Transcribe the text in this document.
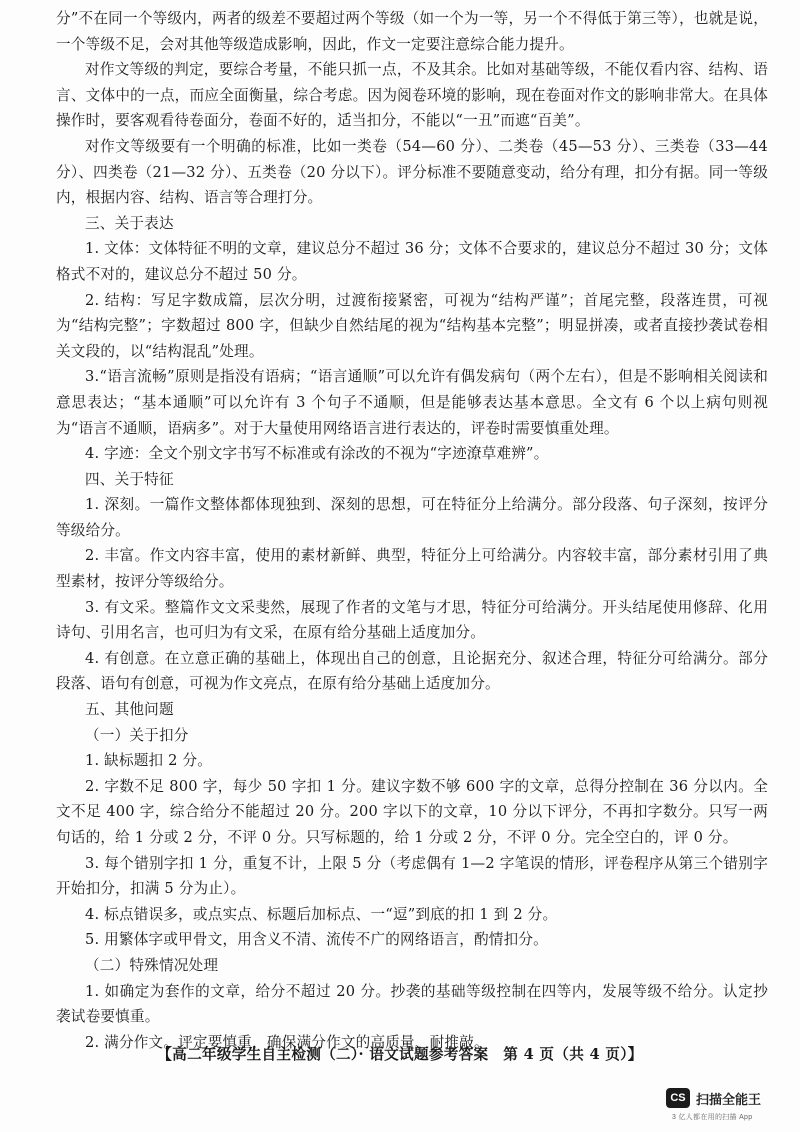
分”不在同一个等级内，两者的级差不要超过两个等级（如一个为一等，另一个不得低于第三等），也就是说，一个等级不足，会对其他等级造成影响，因此，作文一定要注意综合能力提升。

对作文等级的判定，要综合考量，不能只抓一点，不及其余。比如对基础等级，不能仅看内容、结构、语言、文体中的一点，而应全面衡量，综合考虑。因为阅卷环境的影响，现在卷面对作文的影响非常大。在具体操作时，要客观看待卷面分，卷面不好的，适当扣分，不能以“一丑”而遮“百美”。

对作文等级要有一个明确的标准，比如一类卷（54—60 分）、二类卷（45—53 分）、三类卷（33—44 分）、四类卷（21—32 分）、五类卷（20 分以下）。评分标准不要随意变动，给分有理，扣分有据。同一等级内，根据内容、结构、语言等合理打分。

三、关于表达

1. 文体：文体特征不明的文章，建议总分不超过 36 分；文体不合要求的，建议总分不超过 30 分；文体格式不对的，建议总分不超过 50 分。

2. 结构：写足字数成篇，层次分明，过渡衔接紧密，可视为“结构严谨”；首尾完整，段落连贯，可视为“结构完整”；字数超过 800 字，但缺少自然结尾的视为“结构基本完整”；明显拼凑，或者直接抄袭试卷相关文段的，以“结构混乱”处理。

3.“语言流畅”原则是指没有语病；“语言通顺”可以允许有偶发病句（两个左右），但是不影响相关阅读和意思表达；“基本通顺”可以允许有 3 个句子不通顺，但是能够表达基本意思。全文有 6 个以上病句则视为“语言不通顺，语病多”。对于大量使用网络语言进行表达的，评卷时需要慎重处理。

4. 字迹：全文个别文字书写不标准或有涂改的不视为“字迹潦草难辨”。

四、关于特征

1. 深刻。一篇作文整体都体现独到、深刻的思想，可在特征分上给满分。部分段落、句子深刻，按评分等级给分。

2. 丰富。作文内容丰富，使用的素材新鲜、典型，特征分上可给满分。内容较丰富，部分素材引用了典型素材，按评分等级给分。

3. 有文采。整篇作文文采斐然，展现了作者的文笔与才思，特征分可给满分。开头结尾使用修辞、化用诗句、引用名言，也可归为有文采，在原有给分基础上适度加分。

4. 有创意。在立意正确的基础上，体现出自己的创意，且论据充分、叙述合理，特征分可给满分。部分段落、语句有创意，可视为作文亮点，在原有给分基础上适度加分。

五、其他问题

（一）关于扣分

1. 缺标题扣 2 分。

2. 字数不足 800 字，每少 50 字扣 1 分。建议字数不够 600 字的文章，总得分控制在 36 分以内。全文不足 400 字，综合给分不能超过 20 分。200 字以下的文章，10 分以下评分，不再扣字数分。只写一两句话的，给 1 分或 2 分，不评 0 分。只写标题的，给 1 分或 2 分，不评 0 分。完全空白的，评 0 分。

3. 每个错别字扣 1 分，重复不计，上限 5 分（考虑偶有 1—2 字笔误的情形，评卷程序从第三个错别字开始扣分，扣满 5 分为止）。

4. 标点错误多，或点实点、标题后加标点、一“逗”到底的扣 1 到 2 分。

5. 用繁体字或甲骨文，用含义不清、流传不广的网络语言，酌情扣分。

（二）特殊情况处理

1. 如确定为套作的文章，给分不超过 20 分。抄袭的基础等级控制在四等内，发展等级不给分。认定抄袭试卷要慎重。

2. 满分作文。评定要慎重，确保满分作文的高质量、耐推敲。

【高二年级学生自主检测（二）· 语文试题参考答案　第 4 页（共 4 页）】
CS 扫描全能王
3 亿人都在用的扫描 App
